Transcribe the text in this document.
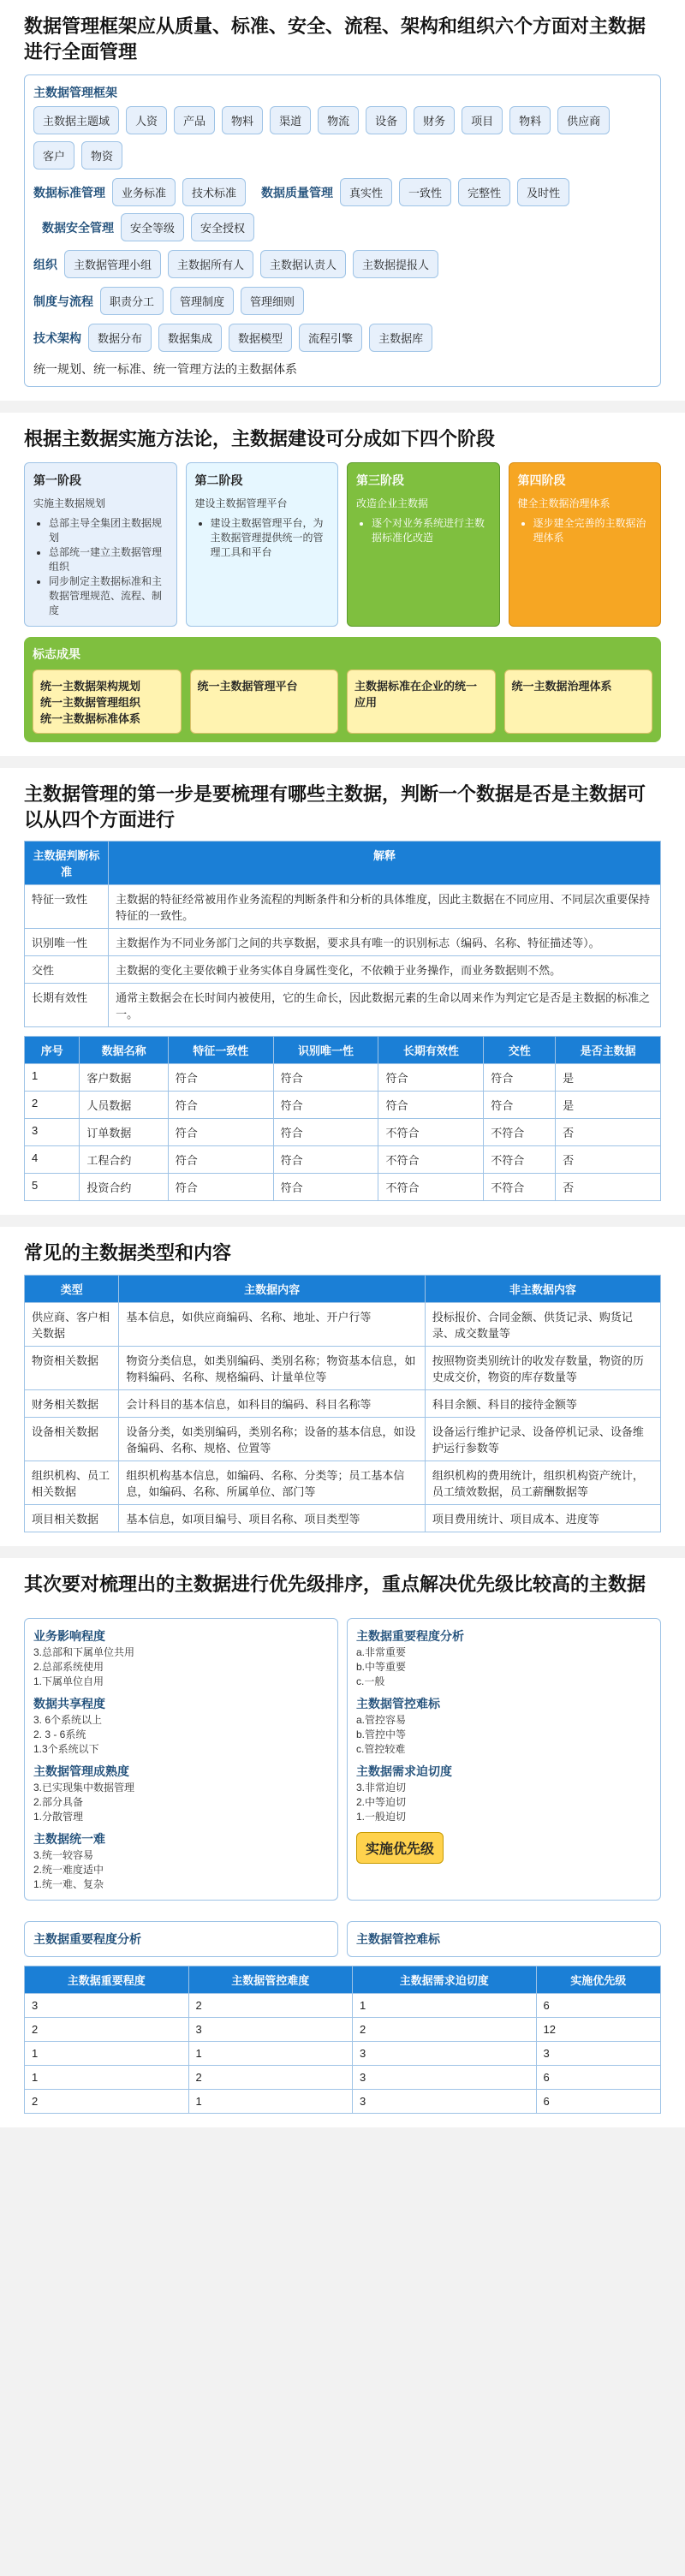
数据管理框架应从质量、标准、安全、流程、架构和组织六个方面对主数据进行全面管理
主数据管理框架
主数据主题域	人资	产品	物料	渠道	物流	设备	财务	项目	物料	供应商
客户	物资
数据标准管理	业务标准	技术标准	数据质量管理	真实性	一致性	完整性	及时性
数据安全管理	安全等级	安全授权
组织	主数据管理小组	主数据所有人	主数据认责人	主数据提报人
制度与流程	职责分工	管理制度	管理细则
技术架构	数据分布	数据集成	数据模型	流程引擎	主数据库
统一规划、统一标准、统一管理方法的主数据体系
根据主数据实施方法论，主数据建设可分成如下四个阶段
第一阶段
实施主数据规划
• 总部主导全集团主数据规划
• 总部统一建立主数据管理组织
• 同步制定主数据标准和主数据管理规范、流程、制度
第二阶段
建设主数据管理平台
• 建设主数据管理平台，为主数据管理提供统一的管理工具和平台
第三阶段
改造企业主数据
• 逐个对业务系统进行主数据标准化改造
第四阶段
健全主数据治理体系
• 逐步建全完善的主数据治理体系
标志成果
统一主数据架构规划
统一主数据管理组织
统一主数据标准体系
统一主数据管理平台	主数据标准在企业的统一应用
统一主数据治理体系
主数据管理的第一步是要梳理有哪些主数据，判断一个数据是否是主数据可以从四个方面进行
主数据判断标准	解释
特征一致性	主数据的特征经常被用作业务流程的判断条件和分析的具体维度，因此主数据在不同应用、不同层次重要保持特征的一致性。
识别唯一性	主数据作为不同业务部门之间的共享数据，要求具有唯一的识别标志（编码、名称、特征描述等）。
交性	主数据的变化主要依赖于业务实体自身属性变化，不依赖于业务操作，而业务数据则不然。
长期有效性	通常主数据会在长时间内被使用，它的生命长，因此数据元素的生命以周来作为判定它是否是主数据的标准之一。
序号	数据名称	特征一致性	识别唯一性	长期有效性	交性	是否主数据
1	客户数据	符合	符合	符合	符合	是
2	人员数据	符合	符合	符合	符合	是
3	订单数据	符合	符合	不符合	不符合	否
4	工程合约	符合	符合	不符合	不符合	否
5	投资合约	符合	符合	不符合	不符合	否
常见的主数据类型和内容
类型	主数据内容	非主数据内容
供应商、客户相关数据	基本信息，如供应商编码、名称、地址、开户行等	投标报价、合同金额、供货记录、购货记录、成交数量等
物资相关数据	物资分类信息，如类别编码、类别名称；物资基本信息，如物料编码、名称、规格编码、计量单位等	按照物资类别统计的收发存数量，物资的历史成交价，物资的库存数量等
财务相关数据	会计科目的基本信息，如科目的编码、科目名称等	科目余额、科目的接待金额等
设备相关数据	设备分类，如类别编码，类别名称；设备的基本信息，如设备编码、名称、规格、位置等	设备运行维护记录、设备停机记录、设备维护运行参数等
组织机构、员工相关数据	组织机构基本信息，如编码、名称、分类等；员工基本信息，如编码、名称、所属单位、部门等	组织机构的费用统计，组织机构资产统计，员工绩效数据，员工薪酬数据等
项目相关数据	基本信息，如项目编号、项目名称、项目类型等	项目费用统计、项目成本、进度等
其次要对梳理出的主数据进行优先级排序，重点解决优先级比较高的主数据
业务影响程度
3.总部和下属单位共用
2.总部系统使用
1.下属单位自用
数据共享程度
3. 6个系统以上
2. 3 - 6系统
1.3个系统以下
主数据管理成熟度
3.已实现集中数据管理
2.部分具备
1.分散管理
主数据统一难
3.统一较容易
2.统一难度适中
1.统一难、复杂
主数据重要程度分析
a.非常重要
b.中等重要
c.一般
主数据管控难标
a.管控容易
b.管控中等
c.管控较难
主数据需求迫切度
3.非常迫切
2.中等迫切
1.一般迫切
实施优先级
主数据重要程度分析	主数据管控难标
主数据重要程度	主数据管控难度	主数据需求迫切度	实施优先级
3	2	1	6
2	3	2	12
1	1	3	3
1	2	3	6
2	1	3	6
